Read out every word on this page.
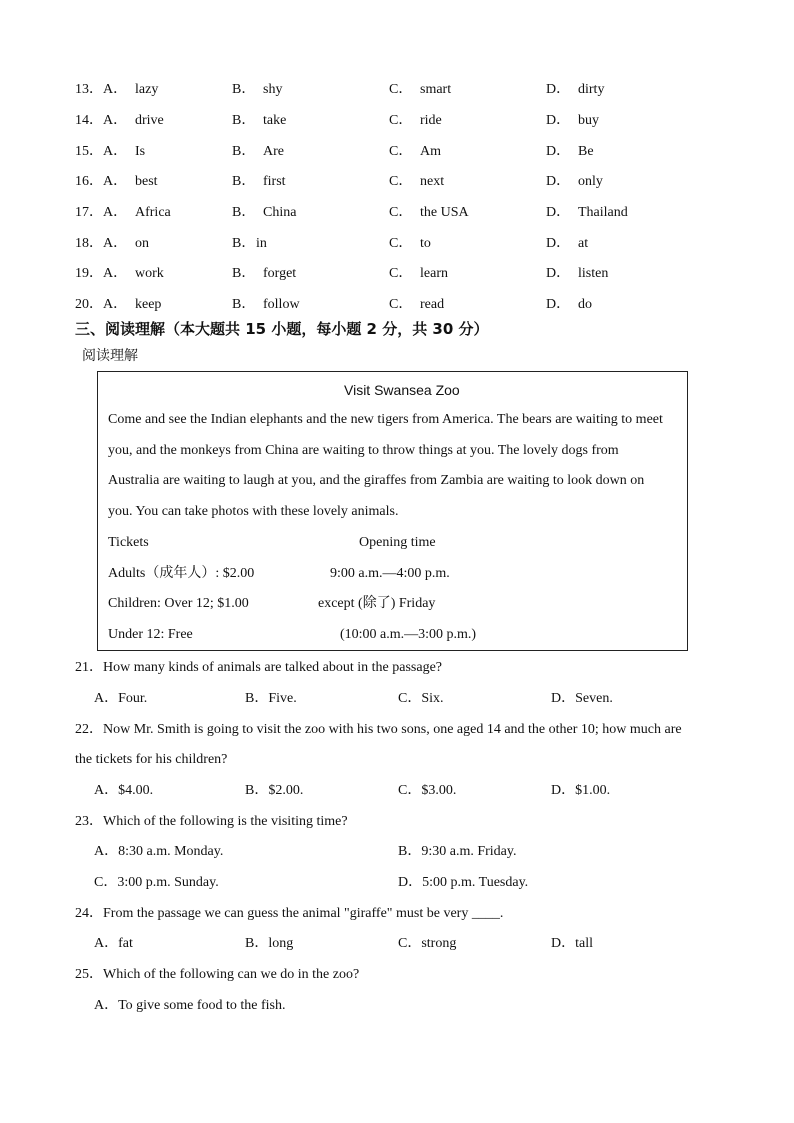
13． A． lazy	B． shy	C． smart	D． dirty
14． A． drive	B． take	C． ride	D． buy
15． A． Is	B． Are	C． Am	D． Be
16． A． best	B． first	C． next	D． only
17． A． Africa	B． China	C． the USA	D． Thailand
18． A． on	B． in	C． to	D． at
19． A． work	B． forget	C． learn	D． listen
20． A． keep	B． follow	C． read	D． do
三、阅读理解（本大题共 15 小题，每小题 2 分，共 30 分）
阅读理解
Visit Swansea Zoo
Come and see the Indian elephants and the new tigers from America. The bears are waiting to meet
you, and the monkeys from China are waiting to throw things at you. The lovely dogs from
Australia are waiting to laugh at you, and the giraffes from Zambia are waiting to look down on
you. You can take photos with these lovely animals.
Tickets	Opening time
Adults（成年人）: $2.00	9:00 a.m.—4:00 p.m.
Children: Over 12; $1.00	except (除了) Friday
Under 12: Free	(10:00 a.m.—3:00 p.m.)
21． How many kinds of animals are talked about in the passage?
A．Four.	B．Five.	C．Six.	D．Seven.
22． Now Mr. Smith is going to visit the zoo with his two sons, one aged 14 and the other 10; how much are
the tickets for his children?
A．$4.00.	B．$2.00.	C．$3.00.	D．$1.00.
23． Which of the following is the visiting time?
A．8:30 a.m. Monday.	B．9:30 a.m. Friday.
C．3:00 p.m. Sunday.	D．5:00 p.m. Tuesday.
24． From the passage we can guess the animal "giraffe" must be very ____.
A．fat	B．long	C．strong	D．tall
25． Which of the following can we do in the zoo?
A．To give some food to the fish.
